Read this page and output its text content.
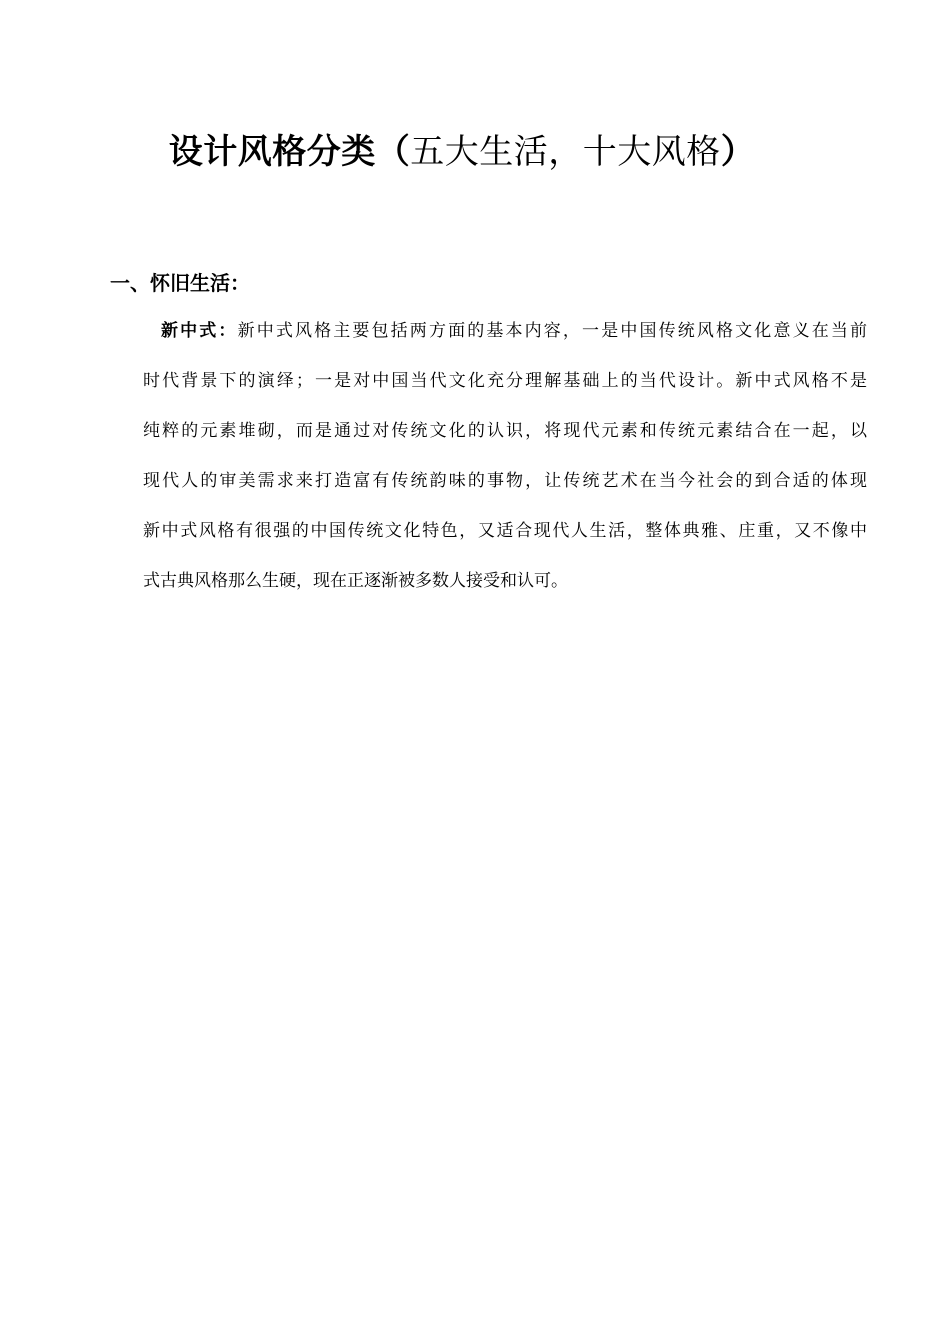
设计风格分类（五大生活，十大风格）
一、怀旧生活：
新中式：新中式风格主要包括两方面的基本内容，一是中国传统风格文化意义在当前
时代背景下的演绎；一是对中国当代文化充分理解基础上的当代设计。新中式风格不是
纯粹的元素堆砌，而是通过对传统文化的认识，将现代元素和传统元素结合在一起，以
现代人的审美需求来打造富有传统韵味的事物，让传统艺术在当今社会的到合适的体现
新中式风格有很强的中国传统文化特色，又适合现代人生活，整体典雅、庄重，又不像中
式古典风格那么生硬，现在正逐渐被多数人接受和认可。
